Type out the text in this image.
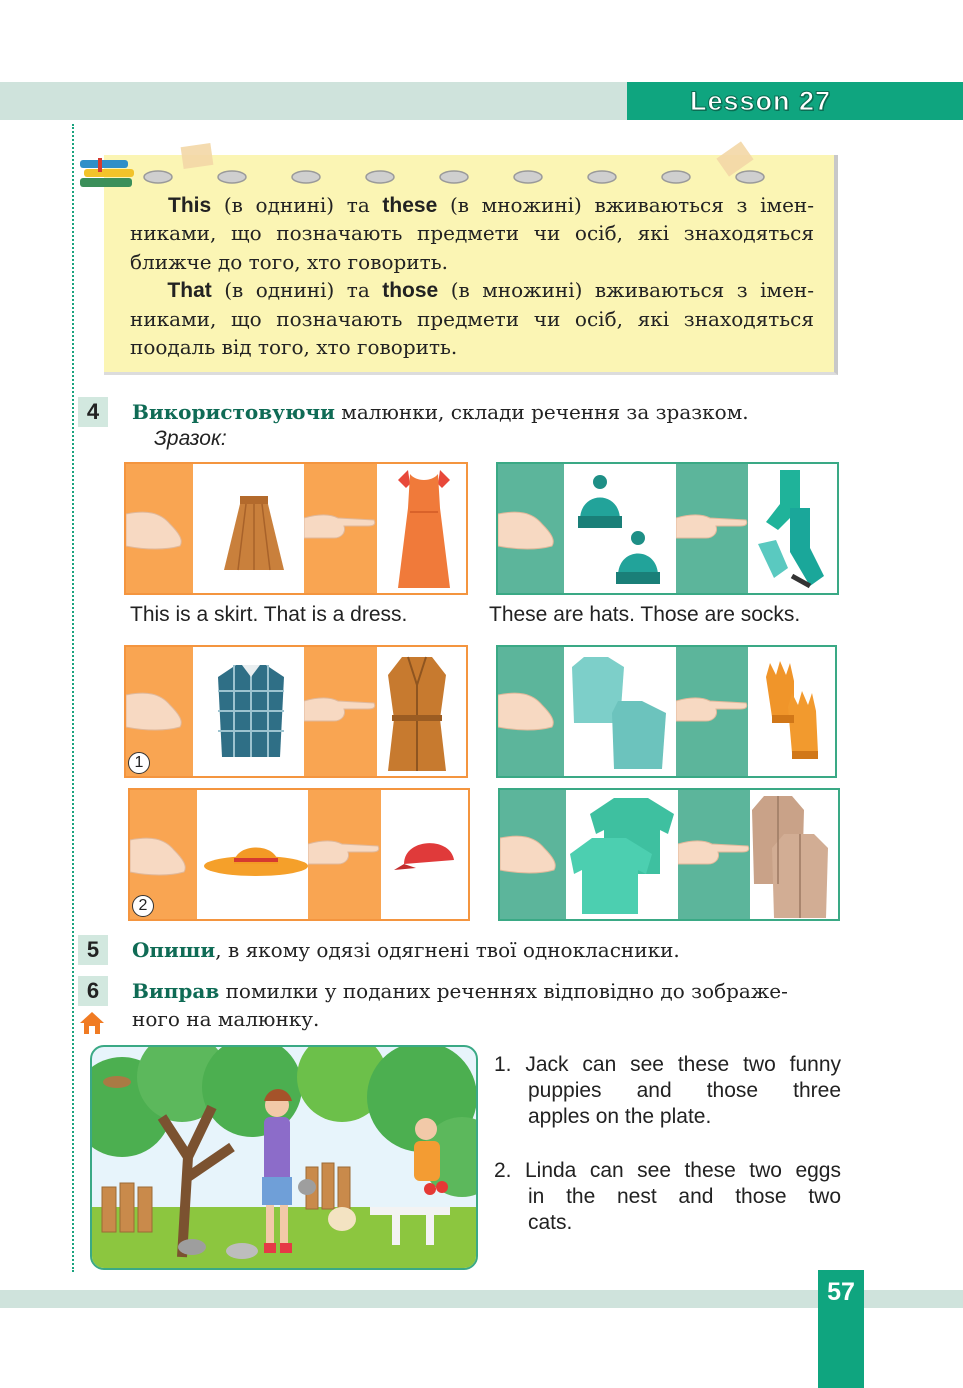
Lesson 27
This (в однині) та these (в множині) вживаються з імен-
никами, що позначають предмети чи осіб, які знаходяться
ближче до того, хто говорить.
That (в однині) та those (в множині) вживаються з імен-
никами, що позначають предмети чи осіб, які знаходяться
поодаль від того, хто говорить.
4	Використовуючи малюнки, склади речення за зразком.
Зразок:
This is a skirt. That is a dress.	These are hats. Those are socks.
1
2
5	Опиши, в якому одязі одягнені твої однокласники.
6	Виправ помилки у поданих реченнях відповідно до зображе-
ного на малюнку.
1. Jack can see these two funny
puppies and those three
apples on the plate.
2. Linda can see these two eggs
in the nest and those two
cats.
57
